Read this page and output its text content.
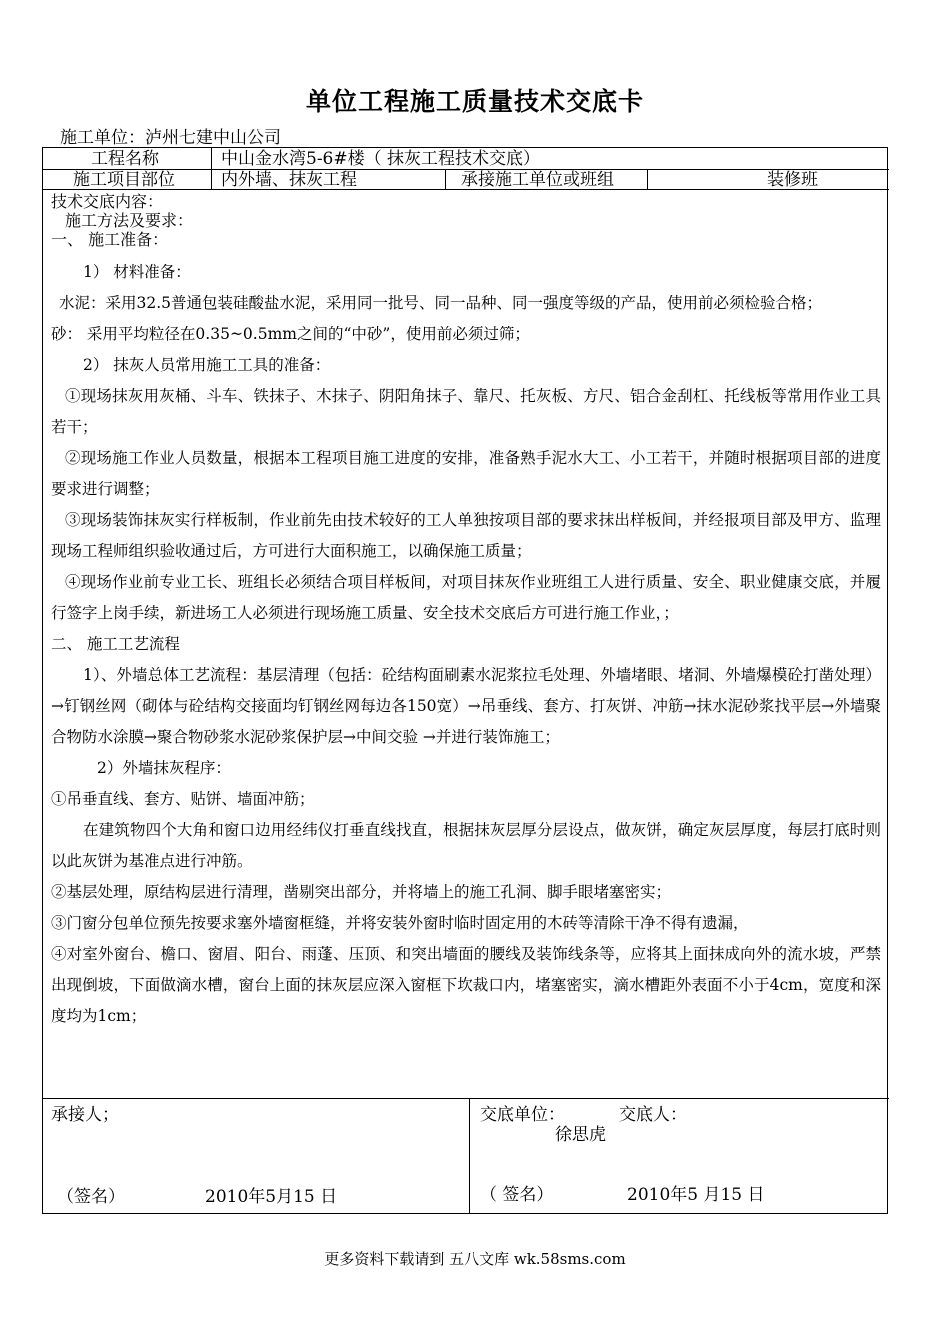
单位工程施工质量技术交底卡
施工单位：泸州七建中山公司
工程名称	中山金水湾5-6#楼（ 抹灰工程技术交底）
施工项目部位	内外墙、抹灰工程	承接施工单位或班组	装修班

技术交底内容：

施工方法及要求：

一、 施工准备：

1） 材料准备：

水泥：采用32.5普通包装硅酸盐水泥，采用同一批号、同一品种、同一强度等级的产品，使用前必须检验合格；

砂： 采用平均粒径在0.35~0.5mm之间的“中砂”，使用前必须过筛；

2） 抹灰人员常用施工工具的准备：

①现场抹灰用灰桶、斗车、铁抹子、木抹子、阴阳角抹子、靠尺、托灰板、方尺、铝合金刮杠、托线板等常用作业工具若干；

②现场施工作业人员数量，根据本工程项目施工进度的安排，准备熟手泥水大工、小工若干，并随时根据项目部的进度要求进行调整；

③现场装饰抹灰实行样板制，作业前先由技术较好的工人单独按项目部的要求抹出样板间，并经报项目部及甲方、监理现场工程师组织验收通过后，方可进行大面积施工，以确保施工质量；

④现场作业前专业工长、班组长必须结合项目样板间，对项目抹灰作业班组工人进行质量、安全、职业健康交底，并履行签字上岗手续，新进场工人必须进行现场施工质量、安全技术交底后方可进行施工作业，；

二、 施工工艺流程

1）、外墙总体工艺流程：基层清理（包括：砼结构面刷素水泥浆拉毛处理、外墙堵眼、堵洞、外墙爆模砼打凿处理）→钉钢丝网（砌体与砼结构交接面均钉钢丝网每边各150宽）→吊垂线、套方、打灰饼、冲筋→抹水泥砂浆找平层→外墙聚合物防水涂膜→聚合物砂浆水泥砂浆保护层→中间交验 →并进行装饰施工；

2）外墙抹灰程序：

①吊垂直线、套方、贴饼、墙面冲筋；

在建筑物四个大角和窗口边用经纬仪打垂直线找直，根据抹灰层厚分层设点，做灰饼，确定灰层厚度，每层打底时则以此灰饼为基准点进行冲筋。

②基层处理，原结构层进行清理，凿剔突出部分，并将墙上的施工孔洞、脚手眼堵塞密实；

③门窗分包单位预先按要求塞外墙窗框缝，并将安装外窗时临时固定用的木砖等清除干净不得有遗漏，

④对室外窗台、檐口、窗眉、阳台、雨蓬、压顶、和突出墙面的腰线及装饰线条等，应将其上面抹成向外的流水坡，严禁出现倒坡，下面做滴水槽，窗台上面的抹灰层应深入窗框下坎裁口内，堵塞密实，滴水槽距外表面不小于4cm，宽度和深度均为1cm；

承接人；
（签名）	2010年5月15 日
交底单位：	交底人：
徐思虎
（ 签名）	2010年5 月15 日
更多资料下载请到 五八文库 wk.58sms.com
